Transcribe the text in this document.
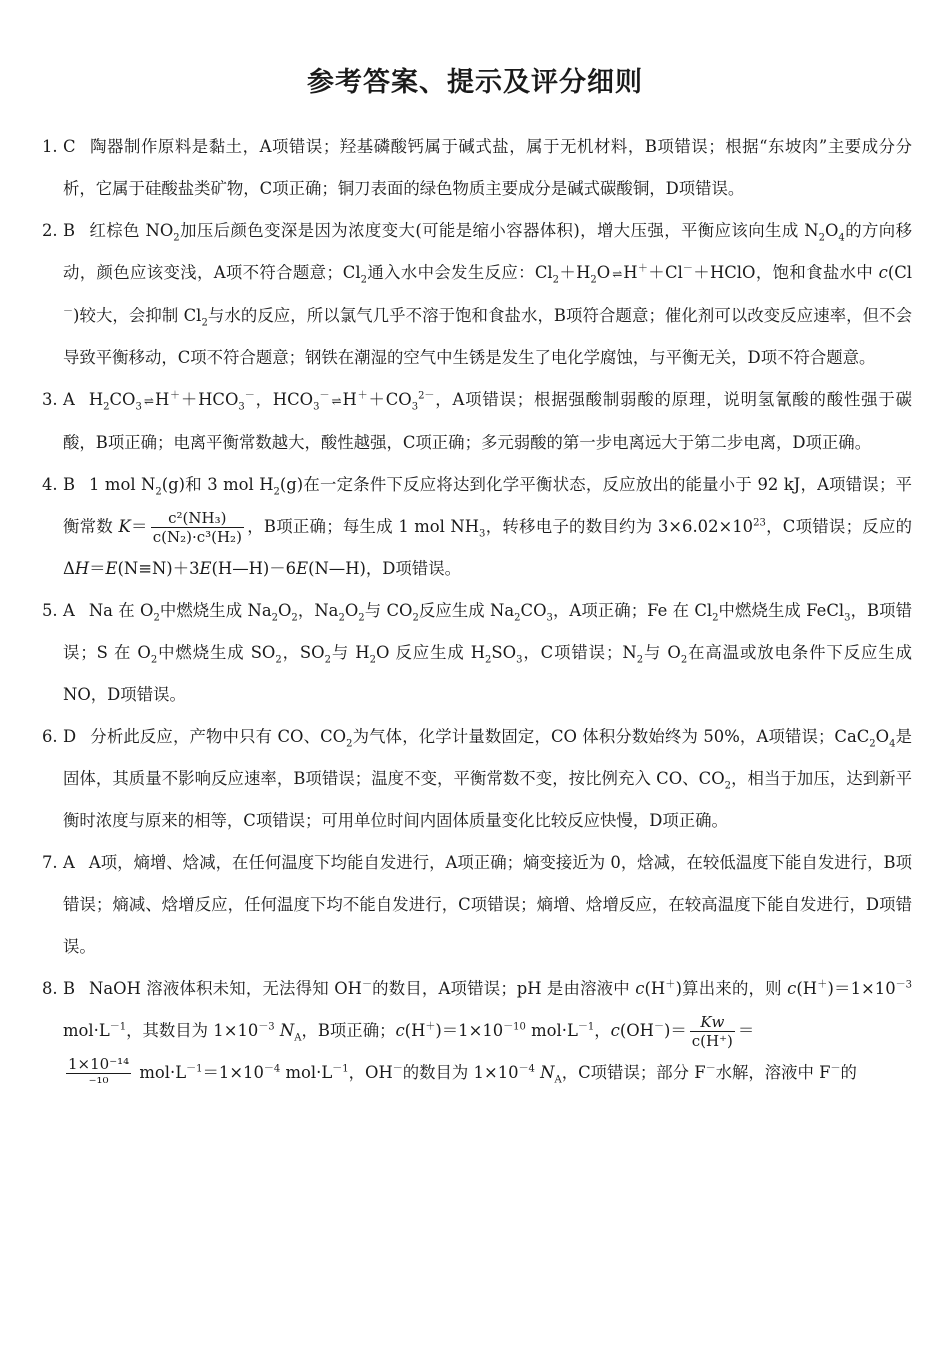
参考答案、提示及评分细则
1. C 陶器制作原料是黏土，A项错误；羟基磷酸钙属于碱式盐，属于无机材料，B项错误；根据“东坡肉”主要成分分析，它属于硅酸盐类矿物，C项正确；铜刀表面的绿色物质主要成分是碱式碳酸铜，D项错误。
2. B 红棕色 $NO_2$加压后颜色变深是因为浓度变大(可能是缩小容器体积)，增大压强，平衡应该向生成 $N_2O_4$的方向移动，颜色应该变浅，A项不符合题意；$Cl_2$通入水中会发生反应：$Cl_2+H_2O$ ⇌ H＋＋Cl－＋HClO，饱和食盐水中 c(Cl－)较大，会抑制 $Cl_2$与水的反应，所以氯气几乎不溶于饱和食盐水，B项符合题意；催化剂可以改变反应速率，但不会导致平衡移动，C项不符合题意；钢铁在潮湿的空气中生锈是发生了电化学腐蚀，与平衡无关，D项不符合题意。
3. A $H_2CO_3$ ⇌ $H^++HCO_3^-$，$HCO_3^-$ ⇌ $H^++CO_3^{2-}$，A项错误；根据强酸制弱酸的原理，说明氢氰酸的酸性强于碳酸，B项正确；电离平衡常数越大，酸性越强，C项正确；多元弱酸的第一步电离远大于第二步电离，D项正确。
4. B 1 mol $N_2(g)$和 3 mol $H_2(g)$在一定条件下反应将达到化学平衡状态，反应放出的能量小于 92 kJ，A项错误；平衡常数 $K= \frac{\text{c²(NH₃)}}{\text{c(N₂)·c³(H₂)}}$ ，B项正确；每生成 1 mol $NH_3$，转移电子的数目约为 $3\times 6.02\times 10^{23}$，C项错误；反应的 ΔH＝E(N≡N)＋3E(H—H)－6E(N—H)，D项错误。
5. A Na 在 $O_2$中燃烧生成 $Na_2O_2$，$Na_2O_2$与 $CO_2$反应生成 $Na_2CO_3$，A项正确；Fe 在 $Cl_2$中燃烧生成 FeCl$_3$，B项错误；S 在 $O_2$中燃烧生成 $SO_2$，$SO_2$与 $H_2O$ 反应生成 $H_2SO_3$，C项错误；$N_2$与 $O_2$在高温或放电条件下反应生成 NO，D项错误。
6. D 分析此反应，产物中只有 CO、$CO_2$为气体，化学计量数固定，CO 体积分数始终为 50%，A项错误；$CaC_2O_4$是固体，其质量不影响反应速率，B项错误；温度不变，平衡常数不变，按比例充入 CO、$CO_2$，相当于加压，达到新平衡时浓度与原来的相等，C项错误；可用单位时间内固体质量变化比较反应快慢，D项正确。
7. A A项，熵增、焓减，在任何温度下均能自发进行，A项正确；熵变接近为 0，焓减，在较低温度下能自发进行，B项错误；熵减、焓增反应，任何温度下均不能自发进行，C项错误；熵增、焓增反应，在较高温度下能自发进行，D项错误。
8. B NaOH 溶液体积未知，无法得知 OH－的数目，A项错误；pH 是由溶液中 c(H＋)算出来的，则 $c(H^+)=1\times 10^{-3}$ $mol\cdot L^{-1}$，其数目为 $1\times 10^{-3}$ $N_A$，B项正确；$c(H^+)=1\times 10^{-10}$ $mol\cdot L^{-1}$，$c(OH^-)= \frac{Kw}{c(H^+)}$ ＝

$\frac{\text{1×10⁻¹⁴}}{\text{⁻¹⁰}} mol\cdot L^{-1}=1\times 10^{-4}$ $mol\cdot L^{-1}$，OH－的数目为 $1\times 10^{-4}$ $N_A$，C项错误；部分 F－水解，溶液中 F－的
